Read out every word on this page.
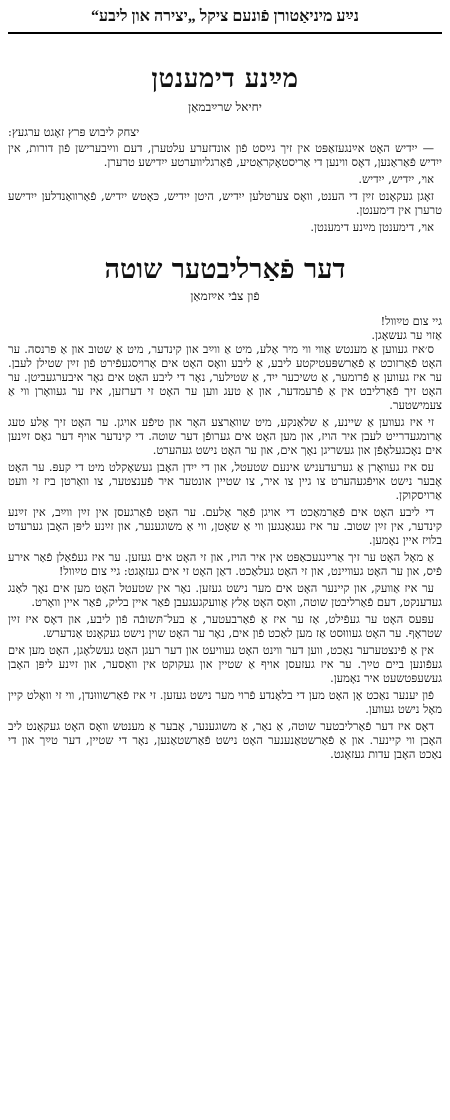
נײַע מיניאַטורן פֿונעם ציקל „יצירה און ליבע“
מײַנע דימענטן
יחיאל שרײַבמאַן

יצחק ליבוש פּרץ זאָגט ערגעץ:

— ייִדיש האָט אײַנגעזאַפּט אין זיך גײַסט פֿון אונדזערע עלטערן, דעם ווײַבערישן פֿון דורות, אין ייִדיש פֿאַראַנען, דאָס ווינען די אַריסטאָקראַטיע, פֿאַרגליווערטע ייִדישע טרערן.

אױ, ייִדיש, ייִדיש.

זאָגן געקאָנט זײַן די הענט, וואָס צערטלען ייִדיש, היטן ייִדיש, כּאָטש ייִדיש, פֿאַרװאַנדלען ייִדישע טרערן אין דימענטן.

אױ, דימענטן מײַנע דימענטן.

דער פֿאַרליבטער שוטה
פֿון צבֿי אײַזמאַן

גיי צום טײַוול!

אַזוי ער געשאָגן.

ס׳איז געווען אַ מענטש אַווי ווי מיר אַלע, מיט אַ ווײַב און קינדער, מיט אַ שטוב און אַ פּרנסה. ער האָט פֿאַרזוכט אַ פֿאַרשפּעטיקטע ליבע, אַ ליבע וואָס האָט אים אַרויסגעפֿירט פֿון זײַן שטילן לעבן. ער איז געווען אַ פֿרומער, אַ טשיכער ייִד, אַ שטילער, נאָר די ליבע האָט אים גאָר איבערגעביטן. ער האָט זיך פֿאַרליבט אין אַ פֿרעמדער, און אַ טעג ווען ער האָט זי דערזען, איז ער געוואָרן ווי אַ צעמישטער.

זי איז געווען אַ שיינע, אַ שלאַנקע, מיט שוואַרצע האָר און טיפֿע אויגן. ער האָט זיך אַלע טעג אַרומגעדרייט לעבן איר הויז, און מען האָט אים גערופֿן דער שוטה. די קינדער אויף דער גאַס זײַנען אים נאָכגעלאָפֿן און געשריגן נאָך אים, און ער האָט נישט געהערט.

עס איז געוואָרן אַ גערעדעניש אינעם שטעטל, און די ייִדן האָבן געשאָקלט מיט די קעפּ. ער האָט אָבער נישט אויפֿגעהערט צו גיין צו איר, צו שטיין אונטער איר פֿענצטער, צו וואַרטן ביז זי וועט אַרויסקוקן.

די ליבע האָט אים פֿאַרמאַכט די אויגן פֿאַר אַלעם. ער האָט פֿאַרגעסן אין זײַן ווײַב, אין זײַנע קינדער, אין זײַן שטוב. ער איז געגאַנגען ווי אַ שאָטן, ווי אַ משוגענער, און זײַנע ליפּן האָבן גערעדט בלויז איין נאָמען.

אַ מאָל האָט ער זיך אַרײַנגעכאַפּט אין איר הויז, און זי האָט אים געזען. ער איז געפֿאַלן פֿאַר אירע פֿיס, און ער האָט געוויינט, און זי האָט געלאַכט. דאַן האָט זי אים געזאָגט: גיי צום טײַוול!

ער איז אַוועק, און קיינער האָט אים מער נישט געזען. נאָר אין שטעטל האָט מען אים נאָך לאַנג געדענקט, דעם פֿאַרליבטן שוטה, וואָס האָט אַלץ אַוועקגעגעבן פֿאַר איין בליק, פֿאַר איין וואָרט.

עפּעס האָט ער געפֿילט, אַז ער איז אַ פֿאַרבעטער, אַ בעל־תּשובֿה פֿון ליבע, און דאָס איז זײַן שטראָף. ער האָט געוווּסט אַז מען לאַכט פֿון אים, נאָר ער האָט שוין נישט געקאָנט אַנדערש.

אין אַ פֿינצטערער נאַכט, ווען דער ווינט האָט געוויעט און דער רעגן האָט געשלאָגן, האָט מען אים געפֿונען ביים טײַך. ער איז געזעסן אויף אַ שטיין און געקוקט אין וואַסער, און זײַנע ליפּן האָבן געשעפּטשעט איר נאָמען.

פֿון יענער נאַכט אָן האָט מען די בלאָנדע פֿרוי מער נישט געזען. זי איז פֿאַרשוווּנדן, ווי זי וואָלט קיין מאָל נישט געווען.

דאָס איז דער פֿאַרליבטער שוטה, אַ נאַר, אַ משוגענער, אָבער אַ מענטש וואָס האָט געקאָנט ליב האָבן ווי קיינער. און אַ פֿאַרשטאַנענער האָט נישט פֿאַרשטאַנען, נאָר די שטיין, דער טײַך און די נאַכט האָבן עדות געזאָגט.
